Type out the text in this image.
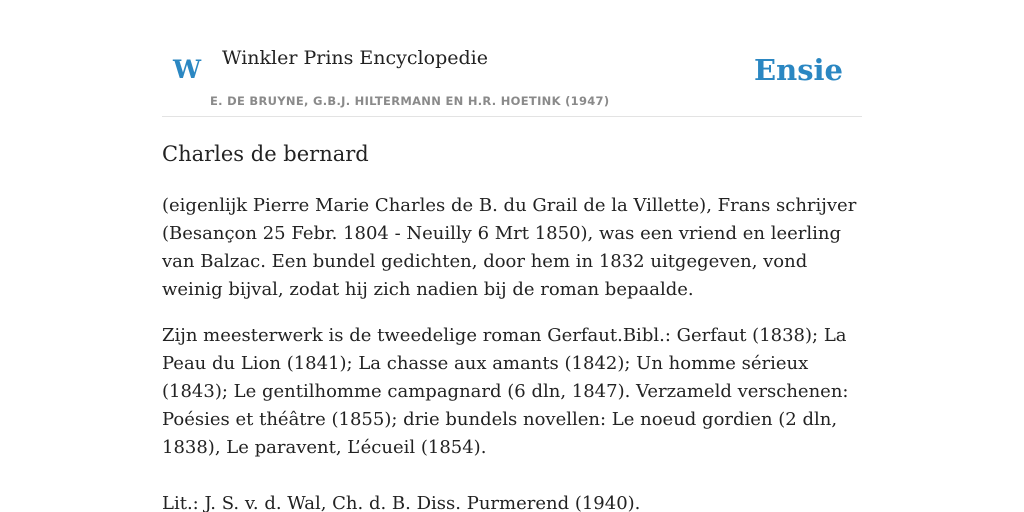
W Winkler Prins Encyclopedie
E. DE BRUYNE, G.B.J. HILTERMANN EN H.R. HOETINK (1947)
Ensie
Charles de bernard

(eigenlijk Pierre Marie Charles de B. du Grail de la Villette), Frans schrijver (Besançon 25 Febr. 1804 - Neuilly 6 Mrt 1850), was een vriend en leerling van Balzac. Een bundel gedichten, door hem in 1832 uitgegeven, vond weinig bijval, zodat hij zich nadien bij de roman bepaalde.

Zijn meesterwerk is de tweedelige roman Gerfaut.Bibl.: Gerfaut (1838); La Peau du Lion (1841); La chasse aux amants (1842); Un homme sérieux (1843); Le gentilhomme campagnard (6 dln, 1847). Verzameld verschenen: Poésies et théâtre (1855); drie bundels novellen: Le noeud gordien (2 dln, 1838), Le paravent, L’écueil (1854).

Lit.: J. S. v. d. Wal, Ch. d. B. Diss. Purmerend (1940).
